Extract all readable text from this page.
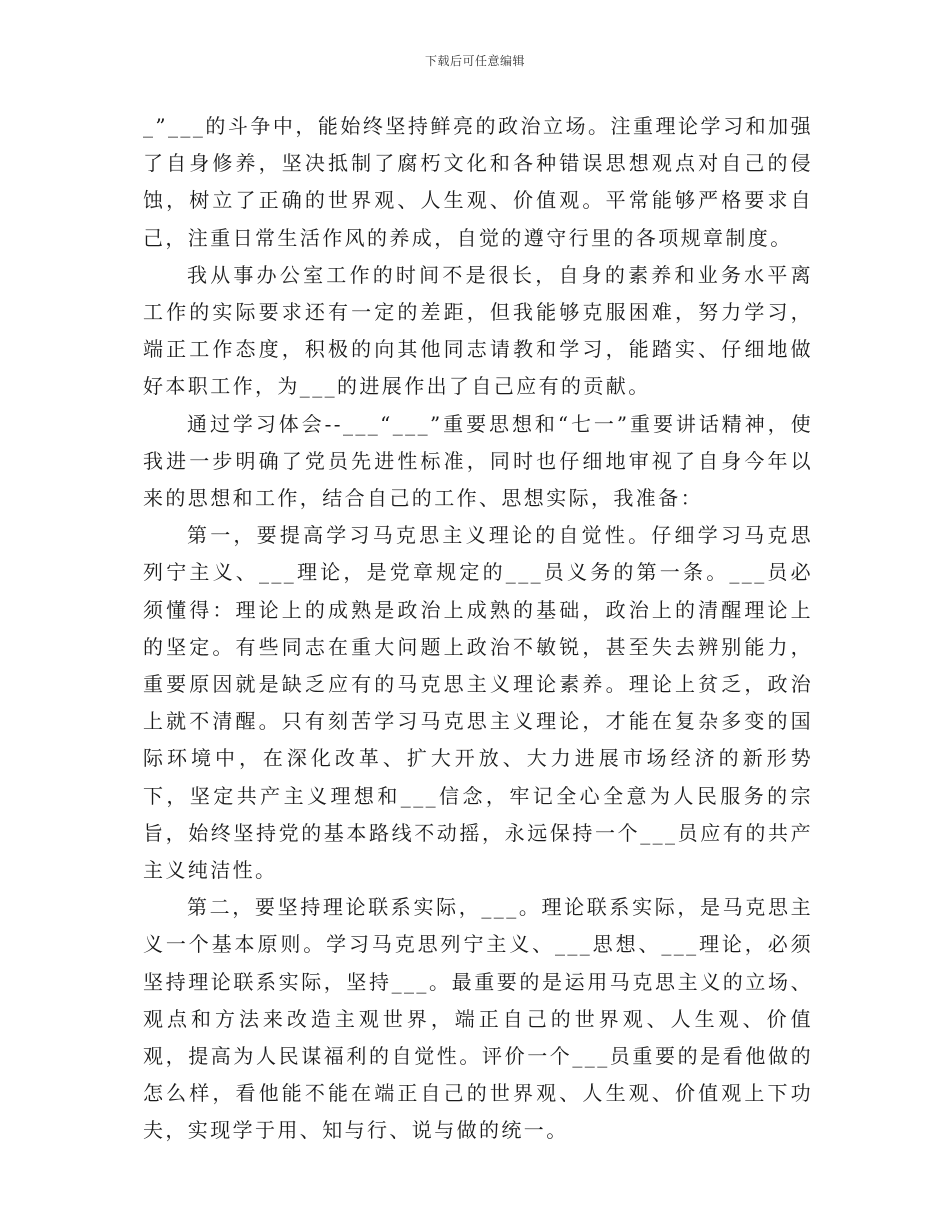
下载后可任意编辑

_”___的斗争中，能始终坚持鲜亮的政治立场。注重理论学习和加强了自身修养，坚决抵制了腐朽文化和各种错误思想观点对自己的侵蚀，树立了正确的世界观、人生观、价值观。平常能够严格要求自己，注重日常生活作风的养成，自觉的遵守行里的各项规章制度。

我从事办公室工作的时间不是很长，自身的素养和业务水平离工作的实际要求还有一定的差距，但我能够克服困难，努力学习，端正工作态度，积极的向其他同志请教和学习，能踏实、仔细地做好本职工作，为___的进展作出了自己应有的贡献。

通过学习体会--___“___”重要思想和“七一”重要讲话精神，使我进一步明确了党员先进性标准，同时也仔细地审视了自身今年以来的思想和工作，结合自己的工作、思想实际，我准备：

第一，要提高学习马克思主义理论的自觉性。仔细学习马克思列宁主义、___理论，是党章规定的___员义务的第一条。___员必须懂得：理论上的成熟是政治上成熟的基础，政治上的清醒理论上的坚定。有些同志在重大问题上政治不敏锐，甚至失去辨别能力，重要原因就是缺乏应有的马克思主义理论素养。理论上贫乏，政治上就不清醒。只有刻苦学习马克思主义理论，才能在复杂多变的国际环境中，在深化改革、扩大开放、大力进展市场经济的新形势下，坚定共产主义理想和___信念，牢记全心全意为人民服务的宗旨，始终坚持党的基本路线不动摇，永远保持一个___员应有的共产主义纯洁性。

第二，要坚持理论联系实际，___。理论联系实际，是马克思主义一个基本原则。学习马克思列宁主义、___思想、___理论，必须坚持理论联系实际，坚持___。最重要的是运用马克思主义的立场、观点和方法来改造主观世界，端正自己的世界观、人生观、价值观，提高为人民谋福利的自觉性。评价一个___员重要的是看他做的怎么样，看他能不能在端正自己的世界观、人生观、价值观上下功夫，实现学于用、知与行、说与做的统一。
